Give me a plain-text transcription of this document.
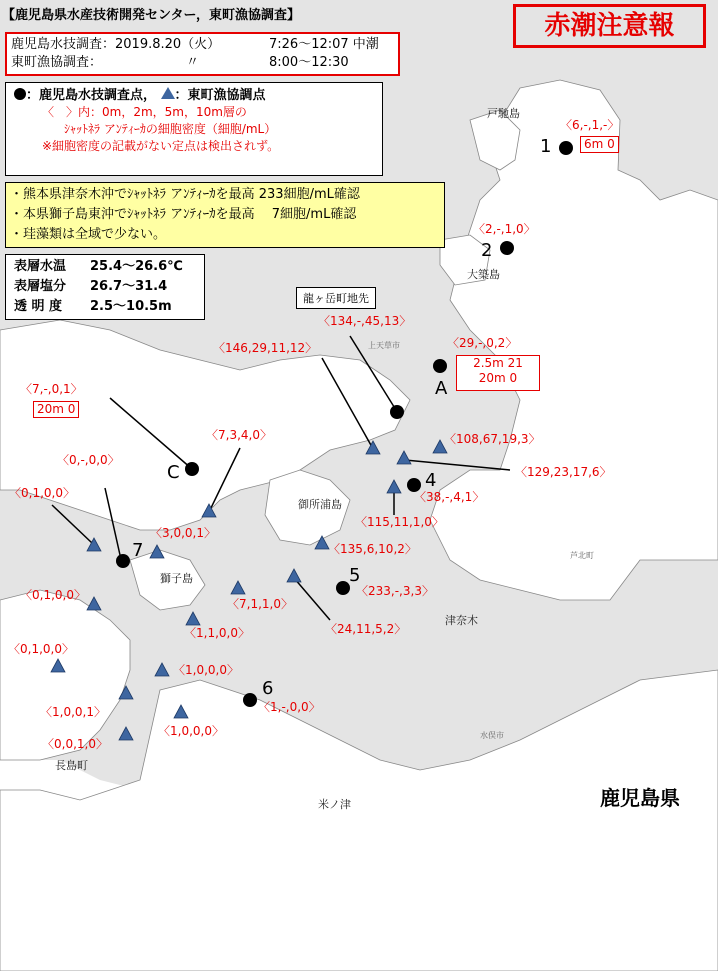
【鹿児島県水産技術開発センター，東町漁協調査】	赤潮注意報
鹿児島水技調査：2019.8.20（火）	7:26～12:07 中潮
東町漁協調査：	〃	8:00～12:30
：鹿児島水技調査点， ：東町漁協調点
〈　〉内：0m，2m，5m，10m層の
ｼｬｯﾄﾈﾗ アﾝﾃｨｰｶの細胞密度（細胞/mL）
※細胞密度の記載がない定点は検出されず。
・熊本県津奈木沖でｼｬｯﾄﾈﾗ アﾝﾃｨｰｶを最高 233細胞/mL確認
・本県獅子島東沖でｼｬｯﾄﾈﾗ アﾝﾃｨｰｶを最高　 7細胞/mL確認
・珪藻類は全域で少ない。
表層水温 25.4～26.6℃
表層塩分 26.7～31.4
透 明 度 2.5～10.5m
龍ヶ岳町地先
鹿児島県
戸馳島
大築島
御所浦島
獅子島
津奈木
長島町
米ノ津
水俣市
芦北町
上天草市
1
2
A
C	4
5
6
7
〈6,-,1,-〉
6m 0
〈2,-,1,0〉
〈29,-,0,2〉
2.5m 21
20m 0
〈7,-,0,1〉
20m 0
〈38,-,4,1〉
〈233,-,3,3〉
〈1,-,0,0〉
〈134,-,45,13〉
〈146,29,11,12〉
〈108,67,19,3〉
〈129,23,17,6〉
〈115,11,1,0〉
〈135,6,10,2〉
〈24,11,5,2〉
〈7,3,4,0〉
〈3,0,0,1〉
〈7,1,1,0〉
〈1,1,0,0〉
〈0,-,0,0〉
〈0,1,0,0〉
〈0,1,0,0〉
〈0,1,0,0〉
〈1,0,0,0〉
〈1,0,0,1〉
〈1,0,0,0〉
〈0,0,1,0〉
